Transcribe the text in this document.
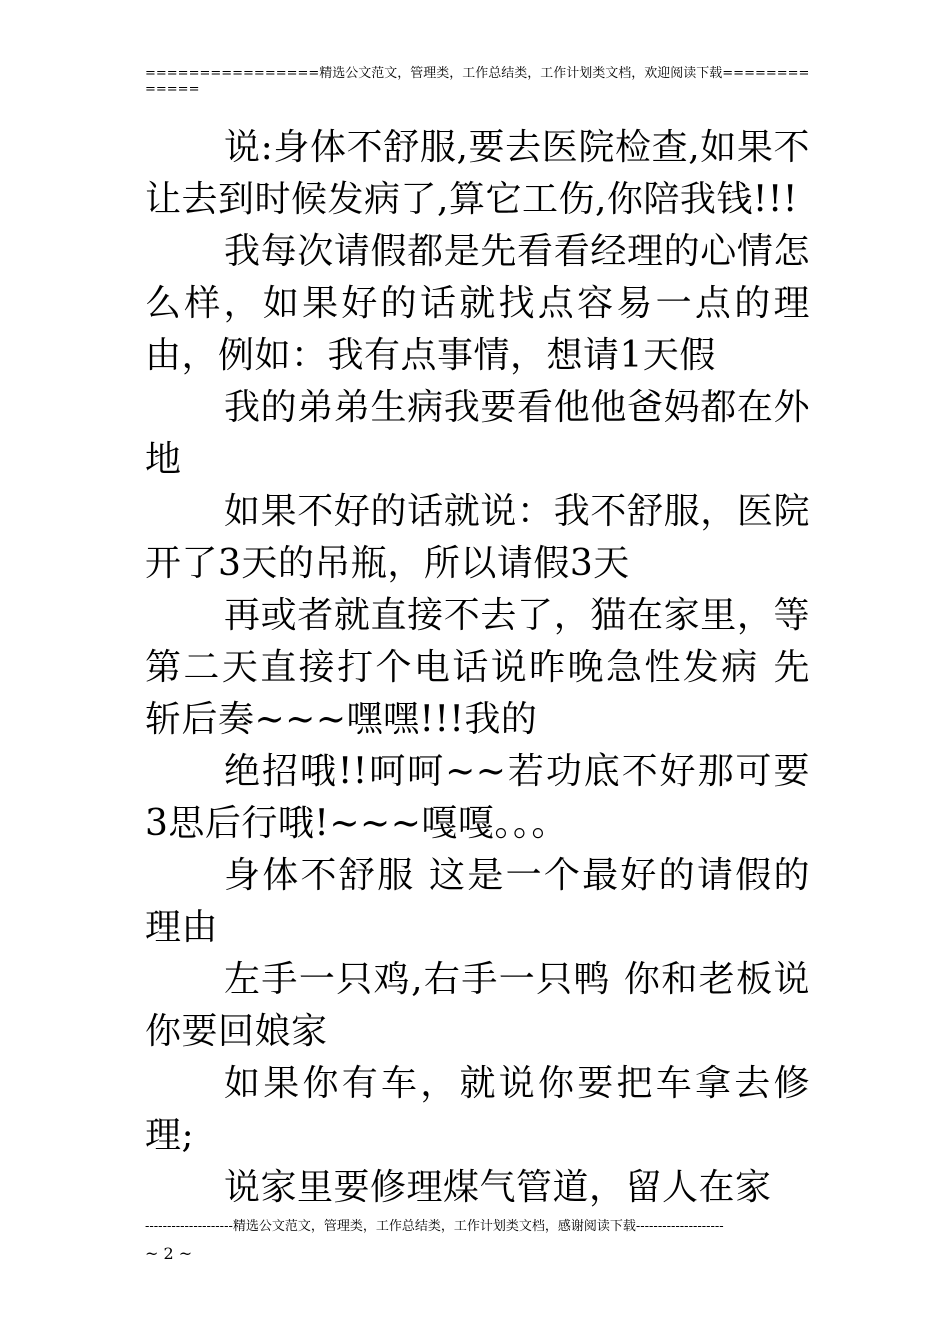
================精选公文范文，管理类，工作总结类，工作计划类文档，欢迎阅读下载=============

说:身体不舒服,要去医院检查,如果不让去到时候发病了,算它工伤,你陪我钱!!!

我每次请假都是先看看经理的心情怎么样，如果好的话就找点容易一点的理由，例如：我有点事情，想请1天假

我的弟弟生病我要看他他爸妈都在外地

如果不好的话就说：我不舒服，医院开了3天的吊瓶，所以请假3天

再或者就直接不去了，猫在家里，等第二天直接打个电话说昨晚急性发病 先斩后奏~~~嘿嘿!!!我的

绝招哦!!呵呵~~若功底不好那可要3思后行哦!~~~嘎嘎。。。

身体不舒服 这是一个最好的请假的理由

左手一只鸡,右手一只鸭 你和老板说你要回娘家

如果你有车，就说你要把车拿去修理;

说家里要修理煤气管道，留人在家

--------------------精选公文范文，管理类，工作总结类，工作计划类文档，感谢阅读下载--------------------
~ 2 ~
